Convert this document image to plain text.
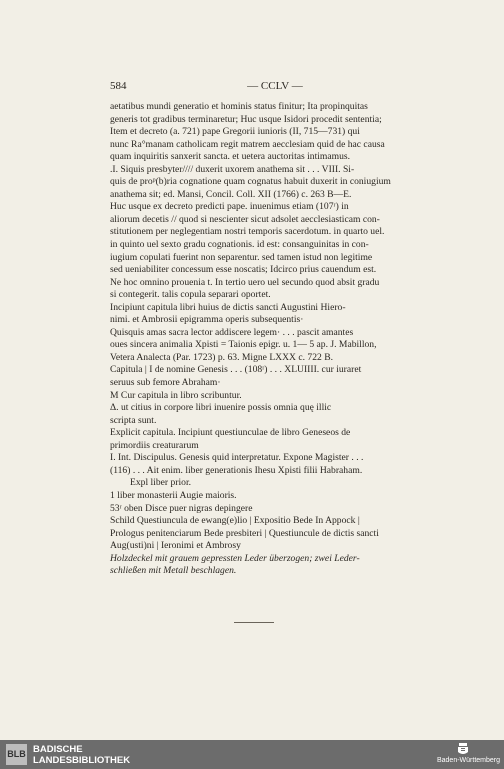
584	— CCLV —
aetatibus mundi generatio et hominis status finitur; Ita propinquitas
generis tot gradibus terminaretur; Huc usque Isidori procedit sententia;
Item et decreto (a. 721) pape Gregorii iunioris (II, 715—731) qui
nunc Ra°manam catholicam regit matrem aecclesiam quid de hac causa
quam inquiritis sanxerit sancta. et uetera auctoritas intimamus.
.I. Siquis presbyter//// duxerit uxorem anathema sit . . . VIII. Si-
quis de proᵖ(b)ria cognatione quam cognatus habuit duxerit in coniugium
anathema sit; ed. Mansi, Concil. Coll. XII (1766) c. 263 B—E.
Huc usque ex decreto predicti pape. inuenimus etiam (107ʳ) in
aliorum decetis // quod si nescienter sicut adsolet aecclesiasticam con-
stitutionem per neglegentiam nostri temporis sacerdotum. in quarto uel.
in quinto uel sexto gradu cognationis. id est: consanguinitas in con-
iugium copulati fuerint non separentur. sed tamen istud non legitime
sed ueniabiliter concessum esse noscatis; Idcirco prius cauendum est.
Ne hoc omnino prouenia t. In tertio uero uel secundo quod absit gradu
si contegerit. talis copula separari oportet.
Incipiunt capitula libri huius de dictis sancti Augustini Hiero-
nimi. et Ambrosii epigramma operis subsequentis·
Quisquis amas sacra lector addiscere legem· . . . pascit amantes
oues sincera animalia Xpisti = Taionis epigr. u. 1— 5 ap. J. Mabillon,
Vetera Analecta (Par. 1723) p. 63. Migne LXXX c. 722 B.
Capitula | I de nomine Genesis . . . (108ʳ) . . . XLUIIII. cur iuraret
seruus sub femore Abraham·
M Cur capitula in libro scribuntur.
Δ. ut citius in corpore libri inuenire possis omnia quę illic
scripta sunt.
Explicit capitula. Incipiunt questiunculae de libro Geneseos de
primordiis creaturarum
I. Int. Discipulus. Genesis quid interpretatur. Expone Magister . . .
(116) . . . Ait enim. liber generationis Ihesu Xpisti filii Habraham.
Expl liber prior.
1 liber monasterii Augie maioris.
53ʳ oben Disce puer nigras depingere
Schild Questiuncula de ewang(e)lio | Expositio Bede In Appock |
Prologus penitenciarum Bede presbiteri | Questiuncule de dictis sancti
Aug(usti)ni | Ieronimi et Ambrosy
Holzdeckel mit grauem gepressten Leder überzogen; zwei Leder-
schließen mit Metall beschlagen.
BLB BADISCHE
LANDESBIBLIOTHEK	Baden-Württemberg
